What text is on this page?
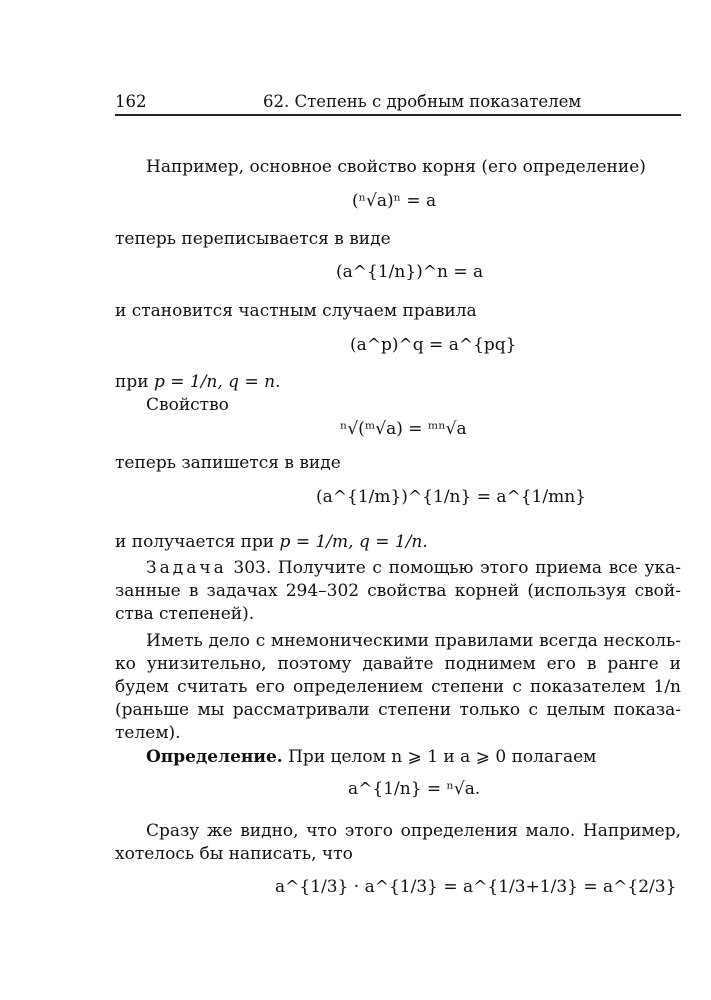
162	62. Степень с дробным показателем
Например, основное свойство корня (его определение)
(ⁿ√a)ⁿ = a
теперь переписывается в виде
(a^{1/n})^n = a
и становится частным случаем правила
(a^p)^q = a^{pq}
при p = 1/n, q = n.
Свойство
ⁿ√(ᵐ√a) = ᵐⁿ√a
теперь запишется в виде
(a^{1/m})^{1/n} = a^{1/mn}
и получается при p = 1/m, q = 1/n.
Задача 303. Получите с помощью этого приема все ука-
занные в задачах 294–302 свойства корней (используя свой-
ства степеней).
Иметь дело с мнемоническими правилами всегда несколь-
ко унизительно, поэтому давайте поднимем его в ранге и
будем считать его определением степени с показателем 1/n
(раньше мы рассматривали степени только с целым показа-
телем).
Определение. При целом n ⩾ 1 и a ⩾ 0 полагаем
a^{1/n} = ⁿ√a.
Сразу же видно, что этого определения мало. Например,
хотелось бы написать, что
a^{1/3} · a^{1/3} = a^{1/3+1/3} = a^{2/3}
